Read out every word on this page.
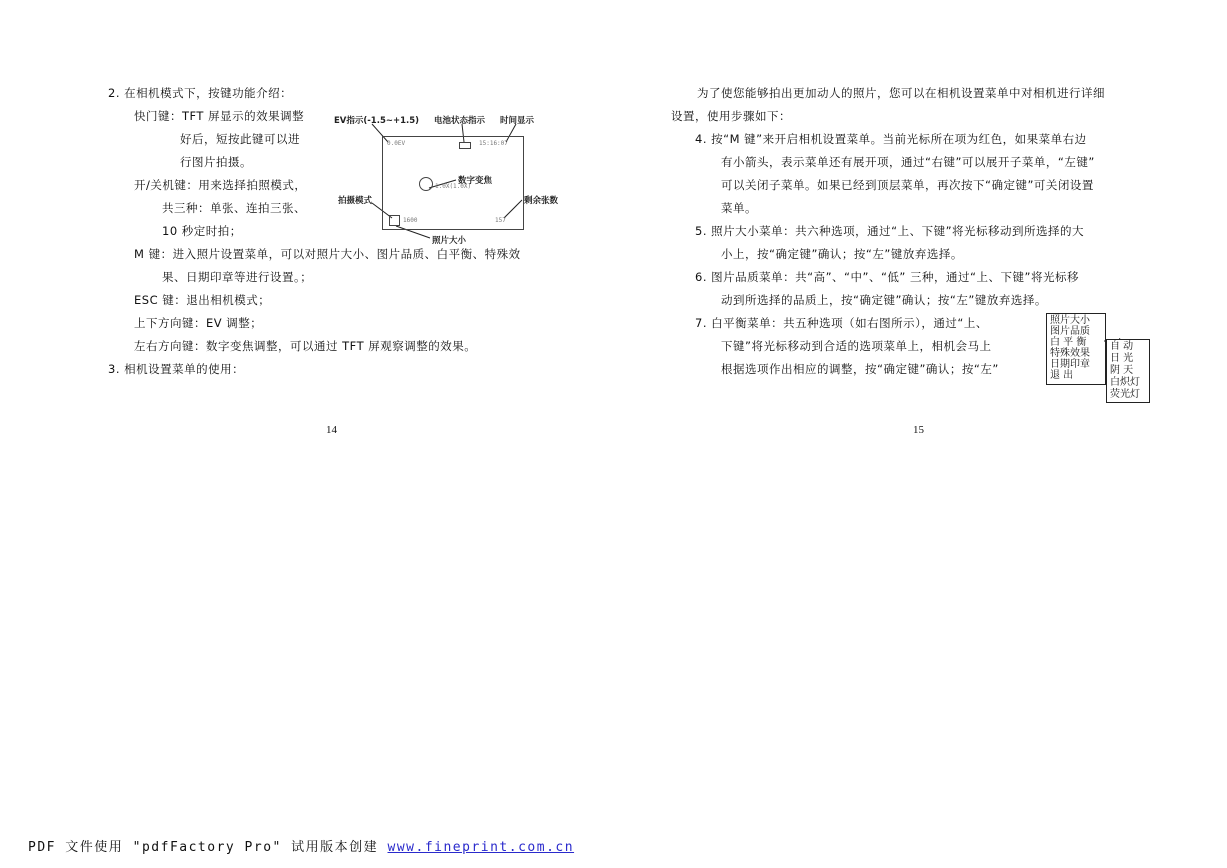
2. 在相机模式下，按键功能介绍：
快门键：TFT 屏显示的效果调整
好后，短按此键可以进
行图片拍摄。
开/关机键：用来选择拍照模式，
共三种：单张、连拍三张、
10 秒定时拍；
M 键：进入照片设置菜单，可以对照片大小、图片品质、白平衡、特殊效
果、日期印章等进行设置。；
ESC 键：退出相机模式；
上下方向键：EV 调整；
左右方向键：数字变焦调整，可以通过 TFT 屏观察调整的效果。
3. 相机设置菜单的使用：
EV指示(-1.5~+1.5) 电池状态指示 时间显示
数字变焦
拍摄模式	剩余张数
照片大小
0.0EV	15:16:07
1.0X(1.0X)
1600	157
14
为了使您能够拍出更加动人的照片，您可以在相机设置菜单中对相机进行详细
设置，使用步骤如下：
4. 按“M 键”来开启相机设置菜单。当前光标所在项为红色，如果菜单右边
有小箭头，表示菜单还有展开项，通过“右键”可以展开子菜单，“左键”
可以关闭子菜单。如果已经到顶层菜单，再次按下“确定键”可关闭设置
菜单。
5. 照片大小菜单：共六种选项，通过“上、下键”将光标移动到所选择的大
小上，按“确定键”确认；按“左”键放弃选择。
6. 图片品质菜单：共“高”、“中”、“低” 三种，通过“上、下键”将光标移
动到所选择的品质上，按“确定键”确认；按“左”键放弃选择。
7. 白平衡菜单：共五种选项（如右图所示），通过“上、
下键”将光标移动到合适的选项菜单上，相机会马上
根据选项作出相应的调整，按“确定键”确认；按“左”
照片大小
图片品质
白 平 衡
特殊效果
日期印章
退 出
自 动
日 光
阴 天
白炽灯
荧光灯
15
PDF 文件使用 "pdfFactory Pro" 试用版本创建 www.fineprint.com.cn
